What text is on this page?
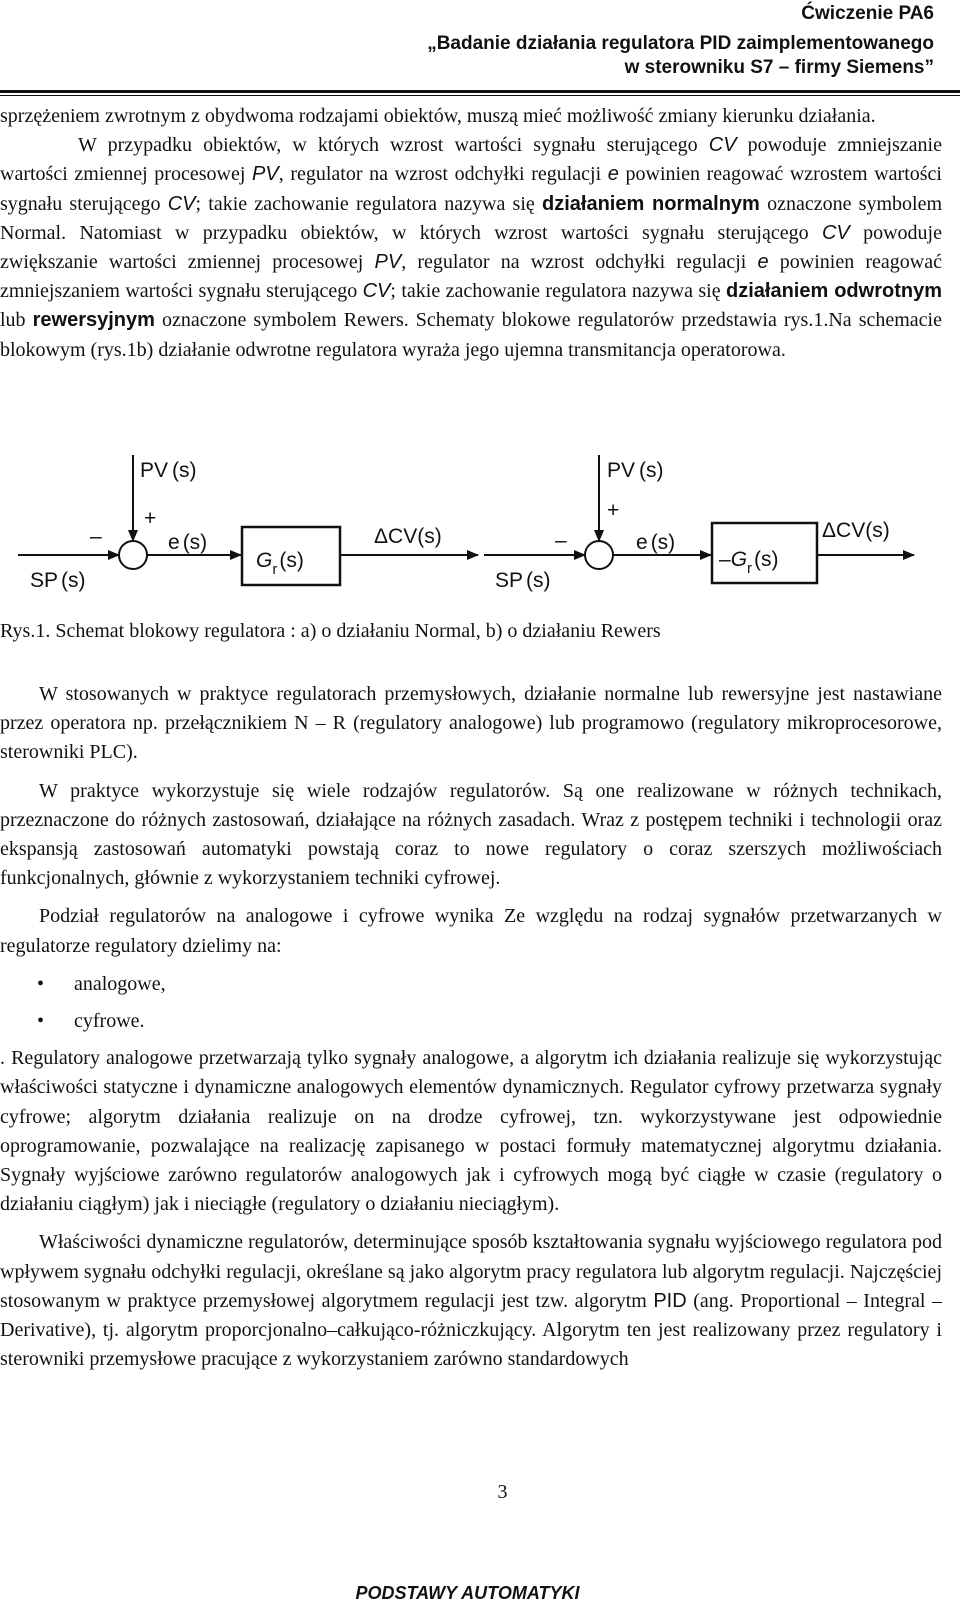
Ćwiczenie PA6
„Badanie działania regulatora PID zaimplementowanego
w sterowniku S7 – firmy Siemens”

sprzężeniem zwrotnym z obydwoma rodzajami obiektów, muszą mieć możliwość zmiany kierunku działania.

W przypadku obiektów, w których wzrost wartości sygnału sterującego CV powoduje zmniejszanie wartości zmiennej procesowej PV, regulator na wzrost odchyłki regulacji e powinien reagować wzrostem wartości sygnału sterującego CV; takie zachowanie regulatora nazywa się działaniem normalnym oznaczone symbolem Normal. Natomiast w przypadku obiektów, w których wzrost wartości sygnału sterującego CV powoduje zwiększanie wartości zmiennej procesowej PV, regulator na wzrost odchyłki regulacji e powinien reagować zmniejszaniem wartości sygnału sterującego CV; takie zachowanie regulatora nazywa się działaniem odwrotnym lub rewersyjnym oznaczone symbolem Rewers. Schematy blokowe regulatorów przedstawia rys.1.Na schemacie blokowym (rys.1b) działanie odwrotne regulatora wyraża jego ujemna transmitancja operatorowa.

PV (s)
+
–	e (s)
SP (s)
$G_r(s)$
ΔCV(s)
PV (s)
+
–	e (s)
SP (s)
$-G_r(s)$
ΔCV(s)
Rys.1. Schemat blokowy regulatora : a) o działaniu Normal, b) o działaniu Rewers

W stosowanych w praktyce regulatorach przemysłowych, działanie normalne lub rewersyjne jest nastawiane przez operatora np. przełącznikiem N – R (regulatory analogowe) lub programowo (regulatory mikroprocesorowe, sterowniki PLC).

W praktyce wykorzystuje się wiele rodzajów regulatorów. Są one realizowane w różnych technikach, przeznaczone do różnych zastosowań, działające na różnych zasadach. Wraz z postępem techniki i technologii oraz ekspansją zastosowań automatyki powstają coraz to nowe regulatory o coraz szerszych możliwościach funkcjonalnych, głównie z wykorzystaniem techniki cyfrowej.

Podział regulatorów na analogowe i cyfrowe wynika Ze względu na rodzaj sygnałów przetwarzanych w regulatorze regulatory dzielimy na:

• analogowe,

• cyfrowe.

. Regulatory analogowe przetwarzają tylko sygnały analogowe, a algorytm ich działania realizuje się wykorzystując właściwości statyczne i dynamiczne analogowych elementów dynamicznych. Regulator cyfrowy przetwarza sygnały cyfrowe; algorytm działania realizuje on na drodze cyfrowej, tzn. wykorzystywane jest odpowiednie oprogramowanie, pozwalające na realizację zapisanego w postaci formuły matematycznej algorytmu działania. Sygnały wyjściowe zarówno regulatorów analogowych jak i cyfrowych mogą być ciągłe w czasie (regulatory o działaniu ciągłym) jak i nieciągłe (regulatory o działaniu nieciągłym).

Właściwości dynamiczne regulatorów, determinujące sposób kształtowania sygnału wyjściowego regulatora pod wpływem sygnału odchyłki regulacji, określane są jako algorytm pracy regulatora lub algorytm regulacji. Najczęściej stosowanym w praktyce przemysłowej algorytmem regulacji jest tzw. algorytm PID (ang. Proportional – Integral – Derivative), tj. algorytm proporcjonalno–całkująco-różniczkujący. Algorytm ten jest realizowany przez regulatory i sterowniki przemysłowe pracujące z wykorzystaniem zarówno standardowych

3
PODSTAWY AUTOMATYKI
